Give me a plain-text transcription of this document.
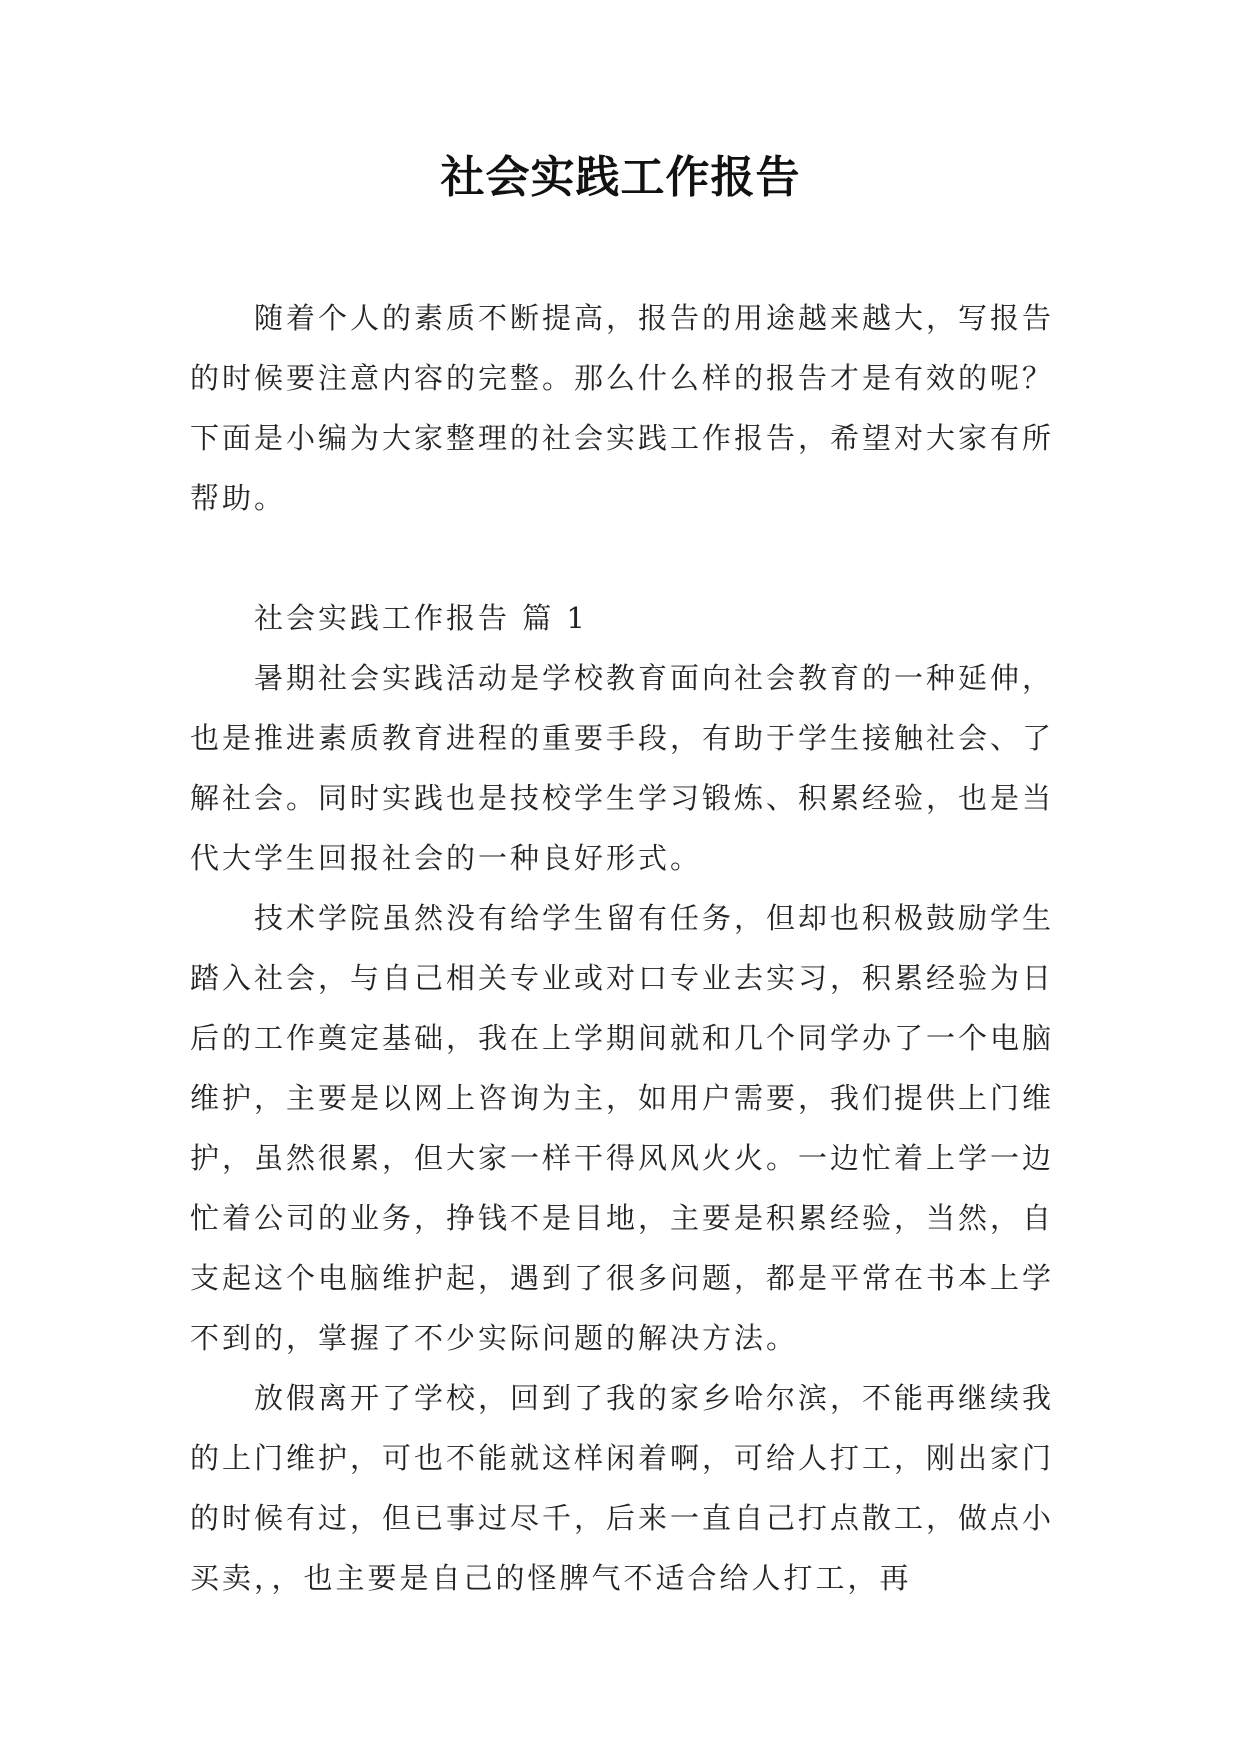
社会实践工作报告

随着个人的素质不断提高，报告的用途越来越大，写报告的时候要注意内容的完整。那么什么样的报告才是有效的呢？下面是小编为大家整理的社会实践工作报告，希望对大家有所帮助。

社会实践工作报告 篇 1

暑期社会实践活动是学校教育面向社会教育的一种延伸，也是推进素质教育进程的重要手段，有助于学生接触社会、了解社会。同时实践也是技校学生学习锻炼、积累经验，也是当代大学生回报社会的一种良好形式。

技术学院虽然没有给学生留有任务，但却也积极鼓励学生踏入社会，与自己相关专业或对口专业去实习，积累经验为日后的工作奠定基础，我在上学期间就和几个同学办了一个电脑维护，主要是以网上咨询为主，如用户需要，我们提供上门维护，虽然很累，但大家一样干得风风火火。一边忙着上学一边忙着公司的业务，挣钱不是目地，主要是积累经验，当然，自支起这个电脑维护起，遇到了很多问题，都是平常在书本上学不到的，掌握了不少实际问题的解决方法。

放假离开了学校，回到了我的家乡哈尔滨，不能再继续我的上门维护，可也不能就这样闲着啊，可给人打工，刚出家门的时候有过，但已事过尽千，后来一直自己打点散工，做点小买卖，，也主要是自己的怪脾气不适合给人打工，再
